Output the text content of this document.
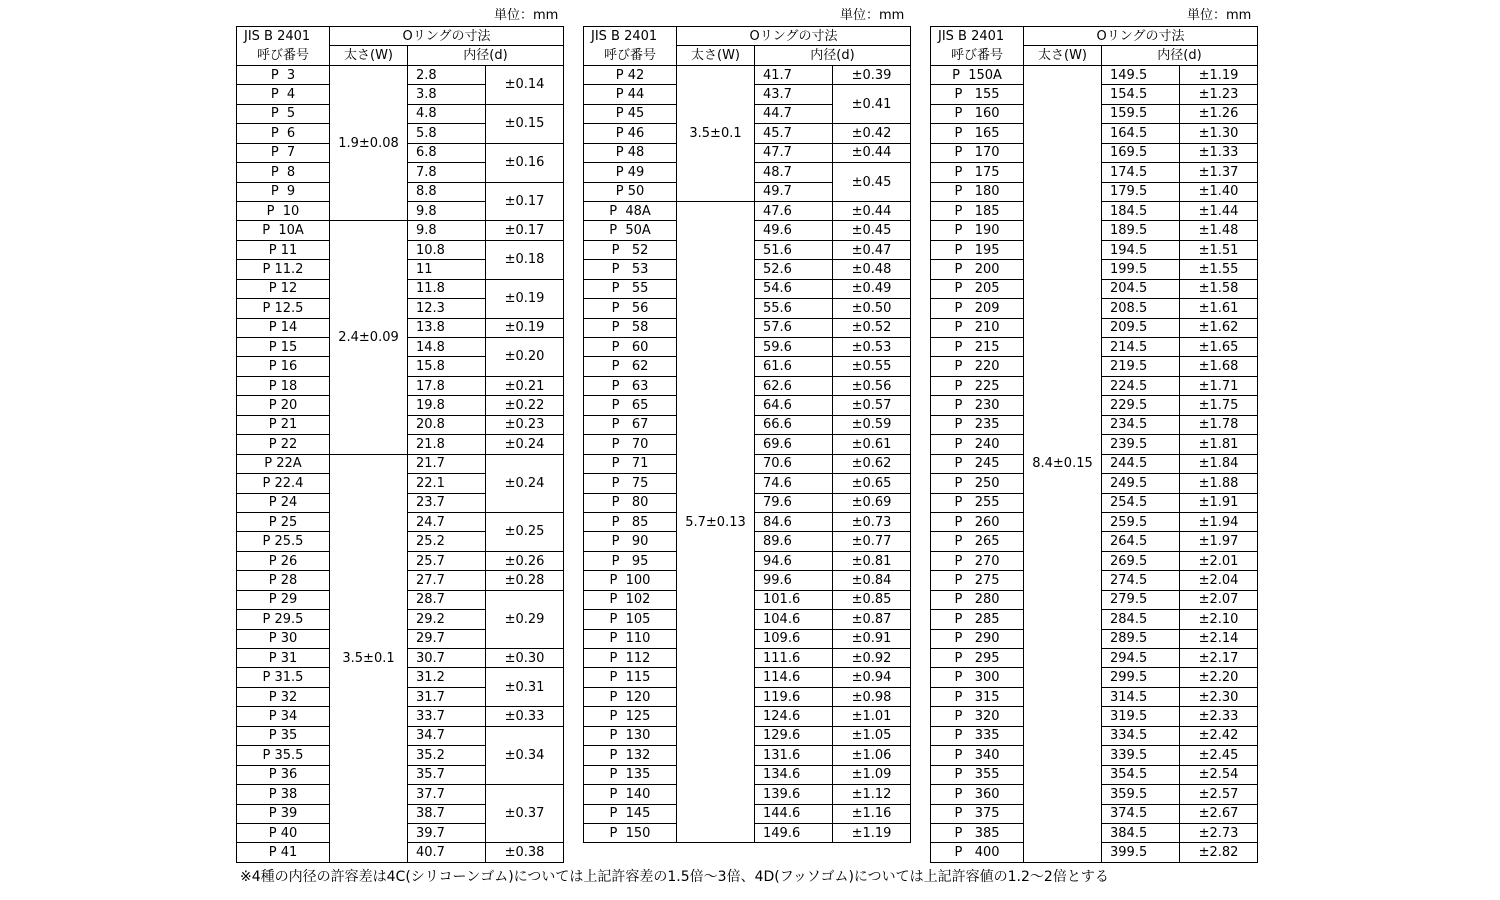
単位：mm	単位：mm	単位：mm
JIS B 2401	Oリングの寸法		
呼び番号	太さ(W)	内径(d)	
P  3	1.9±0.08	2.8	±0.14
P  4		3.8	
P  5		4.8	±0.15
P  6		5.8	
P  7		6.8	±0.16
P  8		7.8	
P  9		8.8	±0.17
P  10		9.8	
P  10A	2.4±0.09	9.8	±0.17
P 11		10.8	±0.18
P 11.2		11	
P 12		11.8	±0.19
P 12.5		12.3	
P 14		13.8	±0.19
P 15		14.8	±0.20
P 16		15.8	
P 18		17.8	±0.21
P 20		19.8	±0.22
P 21		20.8	±0.23
P 22		21.8	±0.24
P 22A	3.5±0.1	21.7	±0.24
P 22.4		22.1	
P 24		23.7	
P 25		24.7	±0.25
P 25.5		25.2	
P 26		25.7	±0.26
P 28		27.7	±0.28
P 29		28.7	±0.29
P 29.5		29.2	
P 30		29.7	
P 31		30.7	±0.30
P 31.5		31.2	±0.31
P 32		31.7	
P 34		33.7	±0.33
P 35		34.7	±0.34
P 35.5		35.2	
P 36		35.7	
P 38		37.7	±0.37
P 39		38.7	
P 40		39.7	
P 41		40.7	±0.38
JIS B 2401	Oリングの寸法		
呼び番号	太さ(W)	内径(d)	
P 42	3.5±0.1	41.7	±0.39
P 44		43.7	±0.41
P 45		44.7	
P 46		45.7	±0.42
P 48		47.7	±0.44
P 49		48.7	±0.45
P 50		49.7	
P  48A	5.7±0.13	47.6	±0.44
P  50A		49.6	±0.45
P   52		51.6	±0.47
P   53		52.6	±0.48
P   55		54.6	±0.49
P   56		55.6	±0.50
P   58		57.6	±0.52
P   60		59.6	±0.53
P   62		61.6	±0.55
P   63		62.6	±0.56
P   65		64.6	±0.57
P   67		66.6	±0.59
P   70		69.6	±0.61
P   71		70.6	±0.62
P   75		74.6	±0.65
P   80		79.6	±0.69
P   85		84.6	±0.73
P   90		89.6	±0.77
P   95		94.6	±0.81
P  100		99.6	±0.84
P  102		101.6	±0.85
P  105		104.6	±0.87
P  110		109.6	±0.91
P  112		111.6	±0.92
P  115		114.6	±0.94
P  120		119.6	±0.98
P  125		124.6	±1.01
P  130		129.6	±1.05
P  132		131.6	±1.06
P  135		134.6	±1.09
P  140		139.6	±1.12
P  145		144.6	±1.16
P  150		149.6	±1.19
JIS B 2401	Oリングの寸法		
呼び番号	太さ(W)	内径(d)	
P  150A	8.4±0.15	149.5	±1.19
P   155		154.5	±1.23
P   160		159.5	±1.26
P   165		164.5	±1.30
P   170		169.5	±1.33
P   175		174.5	±1.37
P   180		179.5	±1.40
P   185		184.5	±1.44
P   190		189.5	±1.48
P   195		194.5	±1.51
P   200		199.5	±1.55
P   205		204.5	±1.58
P   209		208.5	±1.61
P   210		209.5	±1.62
P   215		214.5	±1.65
P   220		219.5	±1.68
P   225		224.5	±1.71
P   230		229.5	±1.75
P   235		234.5	±1.78
P   240		239.5	±1.81
P   245		244.5	±1.84
P   250		249.5	±1.88
P   255		254.5	±1.91
P   260		259.5	±1.94
P   265		264.5	±1.97
P   270		269.5	±2.01
P   275		274.5	±2.04
P   280		279.5	±2.07
P   285		284.5	±2.10
P   290		289.5	±2.14
P   295		294.5	±2.17
P   300		299.5	±2.20
P   315		314.5	±2.30
P   320		319.5	±2.33
P   335		334.5	±2.42
P   340		339.5	±2.45
P   355		354.5	±2.54
P   360		359.5	±2.57
P   375		374.5	±2.67
P   385		384.5	±2.73
P   400		399.5	±2.82
※4種の内径の許容差は4C(シリコーンゴム)については上記許容差の1.5倍～3倍、4D(フッソゴム)については上記許容値の1.2～2倍とする
